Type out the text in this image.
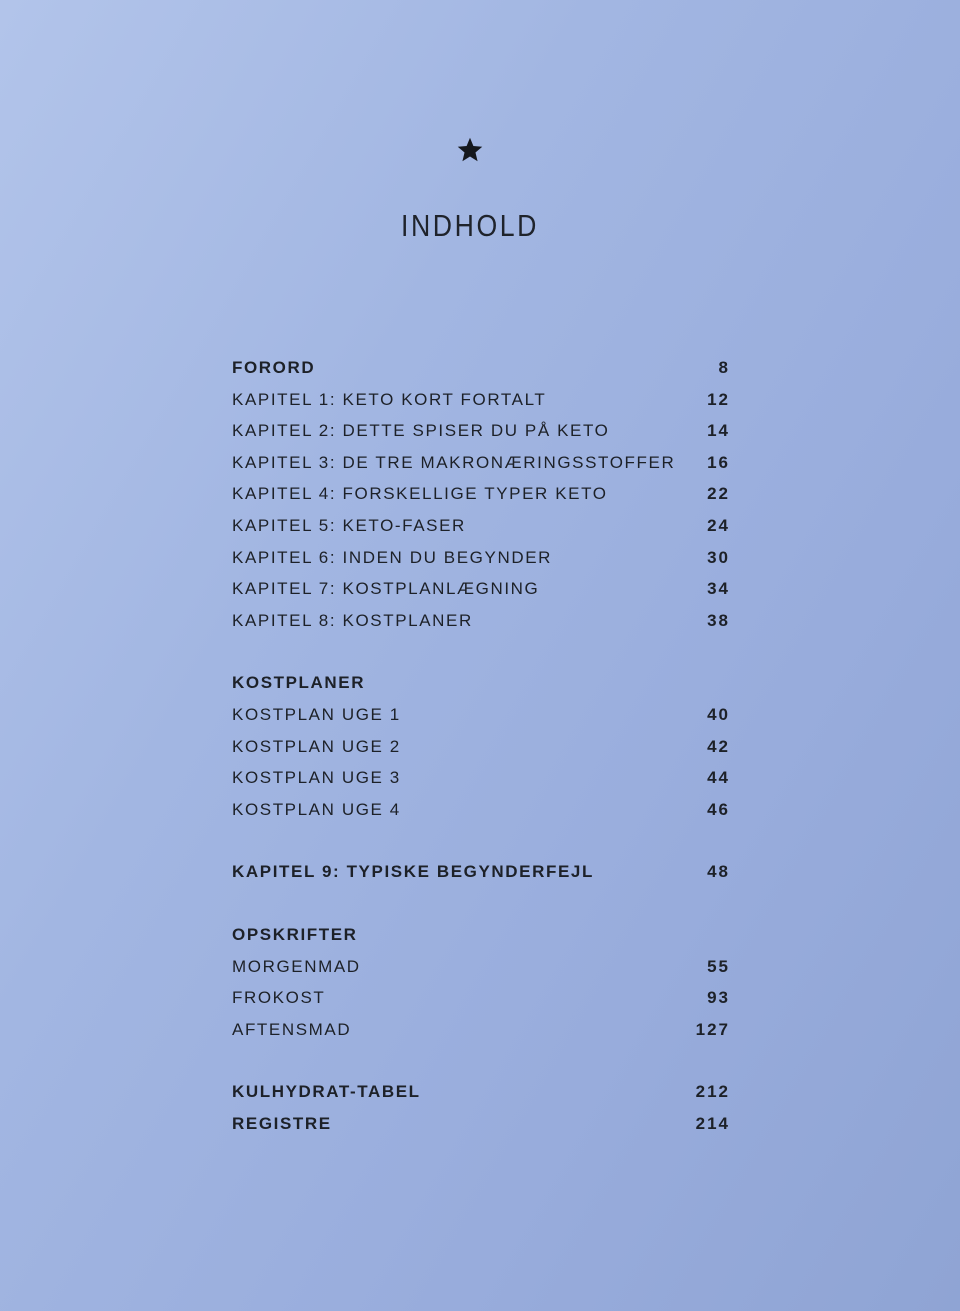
INDHOLD
FORORD	8
KAPITEL 1: KETO KORT FORTALT	12
KAPITEL 2: DETTE SPISER DU PÅ KETO	14
KAPITEL 3: DE TRE MAKRONÆRINGSSTOFFER 16
KAPITEL 4: FORSKELLIGE TYPER KETO	22
KAPITEL 5: KETO-FASER	24
KAPITEL 6: INDEN DU BEGYNDER	30
KAPITEL 7: KOSTPLANLÆGNING	34
KAPITEL 8: KOSTPLANER	38
KOSTPLANER
KOSTPLAN UGE 1	40
KOSTPLAN UGE 2	42
KOSTPLAN UGE 3	44
KOSTPLAN UGE 4	46
KAPITEL 9: TYPISKE BEGYNDERFEJL	48
OPSKRIFTER
MORGENMAD	55
FROKOST	93
AFTENSMAD	127
KULHYDRAT-TABEL	212
REGISTRE	214
